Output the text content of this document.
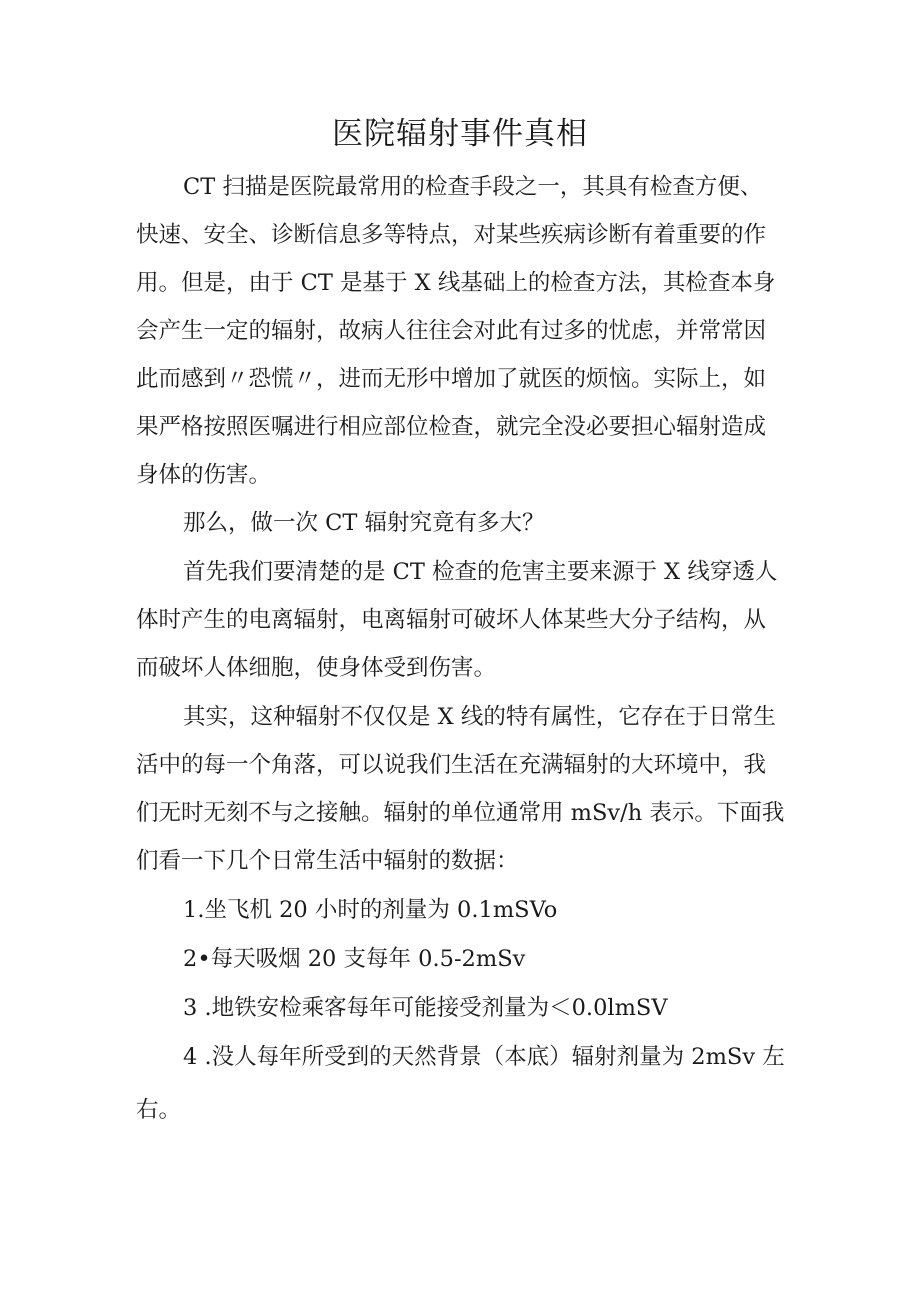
医院辐射事件真相

CT 扫描是医院最常用的检查手段之一，其具有检查方便、

快速、安全、诊断信息多等特点，对某些疾病诊断有着重要的作

用。但是，由于 CT 是基于 X 线基础上的检查方法，其检查本身

会产生一定的辐射，故病人往往会对此有过多的忧虑，并常常因

此而感到〃恐慌〃，进而无形中增加了就医的烦恼。实际上，如

果严格按照医嘱进行相应部位检查，就完全没必要担心辐射造成

身体的伤害。

那么，做一次 CT 辐射究竟有多大？

首先我们要清楚的是 CT 检查的危害主要来源于 X 线穿透人

体时产生的电离辐射，电离辐射可破坏人体某些大分子结构，从

而破坏人体细胞，使身体受到伤害。

其实，这种辐射不仅仅是 X 线的特有属性，它存在于日常生

活中的每一个角落，可以说我们生活在充满辐射的大环境中，我

们无时无刻不与之接触。辐射的单位通常用 mSv/h 表示。下面我

们看一下几个日常生活中辐射的数据：

1.坐飞机 20 小时的剂量为 0.1mSVo

2•每天吸烟 20 支每年 0.5-2mSv

3 .地铁安检乘客每年可能接受剂量为＜0.0lmSV

4 .没人每年所受到的天然背景（本底）辐射剂量为 2mSv 左

右。
